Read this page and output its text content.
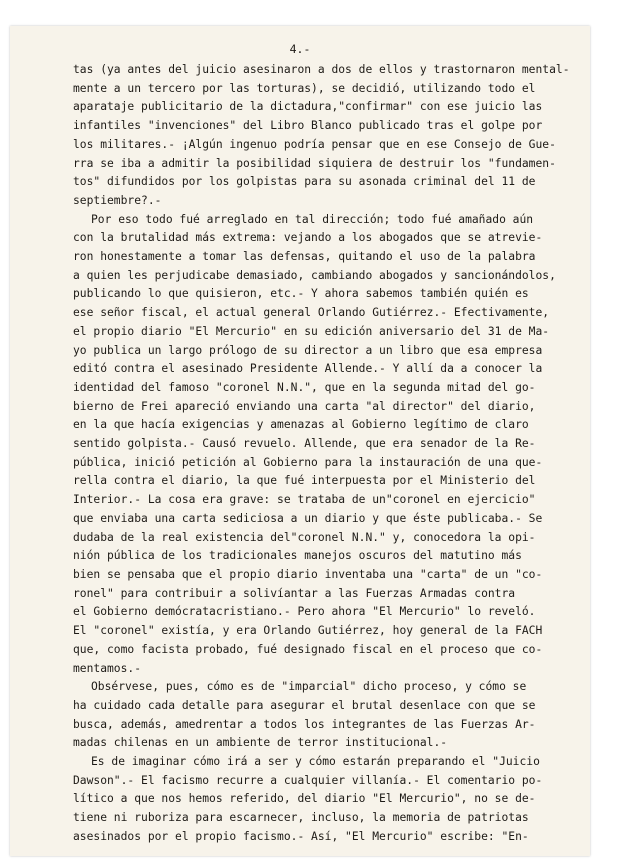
4.-
tas (ya antes del juicio asesinaron a dos de ellos y trastornaron mental-
mente a un tercero por las torturas), se decidió, utilizando todo el
aparataje publicitario de la dictadura,"confirmar" con ese juicio las
infantiles "invenciones" del Libro Blanco publicado tras el golpe por
los militares.- ¡Algún ingenuo podría pensar que en ese Consejo de Gue-
rra se iba a admitir la posibilidad siquiera de destruir los "fundamen-
tos" difundidos por los golpistas para su asonada criminal del 11 de
septiembre?.-
Por eso todo fué arreglado en tal dirección; todo fué amañado aún
con la brutalidad más extrema: vejando a los abogados que se atrevie-
ron honestamente a tomar las defensas, quitando el uso de la palabra
a quien les perjudicabe demasiado, cambiando abogados y sancionándolos,
publicando lo que quisieron, etc.- Y ahora sabemos también quién es
ese señor fiscal, el actual general Orlando Gutiérrez.- Efectivamente,
el propio diario "El Mercurio" en su edición aniversario del 31 de Ma-
yo publica un largo prólogo de su director a un libro que esa empresa
editó contra el asesinado Presidente Allende.- Y allí da a conocer la
identidad del famoso "coronel N.N.", que en la segunda mitad del go-
bierno de Frei apareció enviando una carta "al director" del diario,
en la que hacía exigencias y amenazas al Gobierno legítimo de claro
sentido golpista.- Causó revuelo. Allende, que era senador de la Re-
pública, inició petición al Gobierno para la instauración de una que-
rella contra el diario, la que fué interpuesta por el Ministerio del
Interior.- La cosa era grave: se trataba de un"coronel en ejercicio"
que enviaba una carta sediciosa a un diario y que éste publicaba.- Se
dudaba de la real existencia del"coronel N.N." y, conocedora la opi-
nión pública de los tradicionales manejos oscuros del matutino más
bien se pensaba que el propio diario inventaba una "carta" de un "co-
ronel" para contribuir a solivíantar a las Fuerzas Armadas contra
el Gobierno demócratacristiano.- Pero ahora "El Mercurio" lo reveló.
El "coronel" existía, y era Orlando Gutiérrez, hoy general de la FACH
que, como facista probado, fué designado fiscal en el proceso que co-
mentamos.-
Obsérvese, pues, cómo es de "imparcial" dicho proceso, y cómo se
ha cuidado cada detalle para asegurar el brutal desenlace con que se
busca, además, amedrentar a todos los integrantes de las Fuerzas Ar-
madas chilenas en un ambiente de terror institucional.-
Es de imaginar cómo irá a ser y cómo estarán preparando el "Juicio
Dawson".- El facismo recurre a cualquier villanía.- El comentario po-
lítico a que nos hemos referido, del diario "El Mercurio", no se de-
tiene ni ruboriza para escarnecer, incluso, la memoria de patriotas
asesinados por el propio facismo.- Así, "El Mercurio" escribe: "En-
